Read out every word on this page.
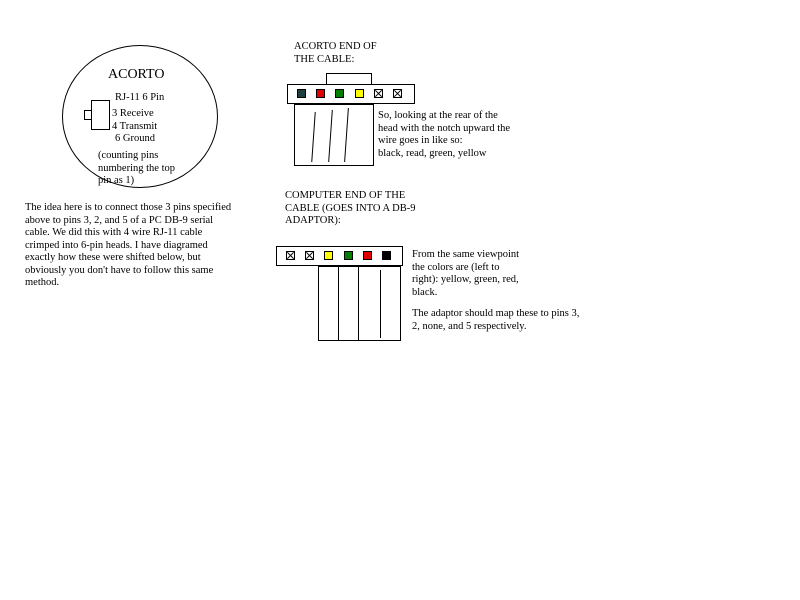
ACORTO
RJ-11 6 Pin
3 Receive
4 Transmit
6 Ground
(counting pins
numbering the top
pin as 1)
The idea here is to connect those 3 pins specified
above to pins 3, 2, and 5 of a PC DB-9 serial
cable. We did this with 4 wire RJ-11 cable
crimped into 6-pin heads. I have diagramed
exactly how these were shifted below, but
obviously you don't have to follow this same
method.
ACORTO END OF
THE CABLE:
So, looking at the rear of the
head with the notch upward the
wire goes in like so:
black, read, green, yellow
COMPUTER END OF THE
CABLE (GOES INTO A DB-9
ADAPTOR):
From the same viewpoint
the colors are (left to
right): yellow, green, red,
black.
The adaptor should map these to pins 3,
2, none, and 5 respectively.
